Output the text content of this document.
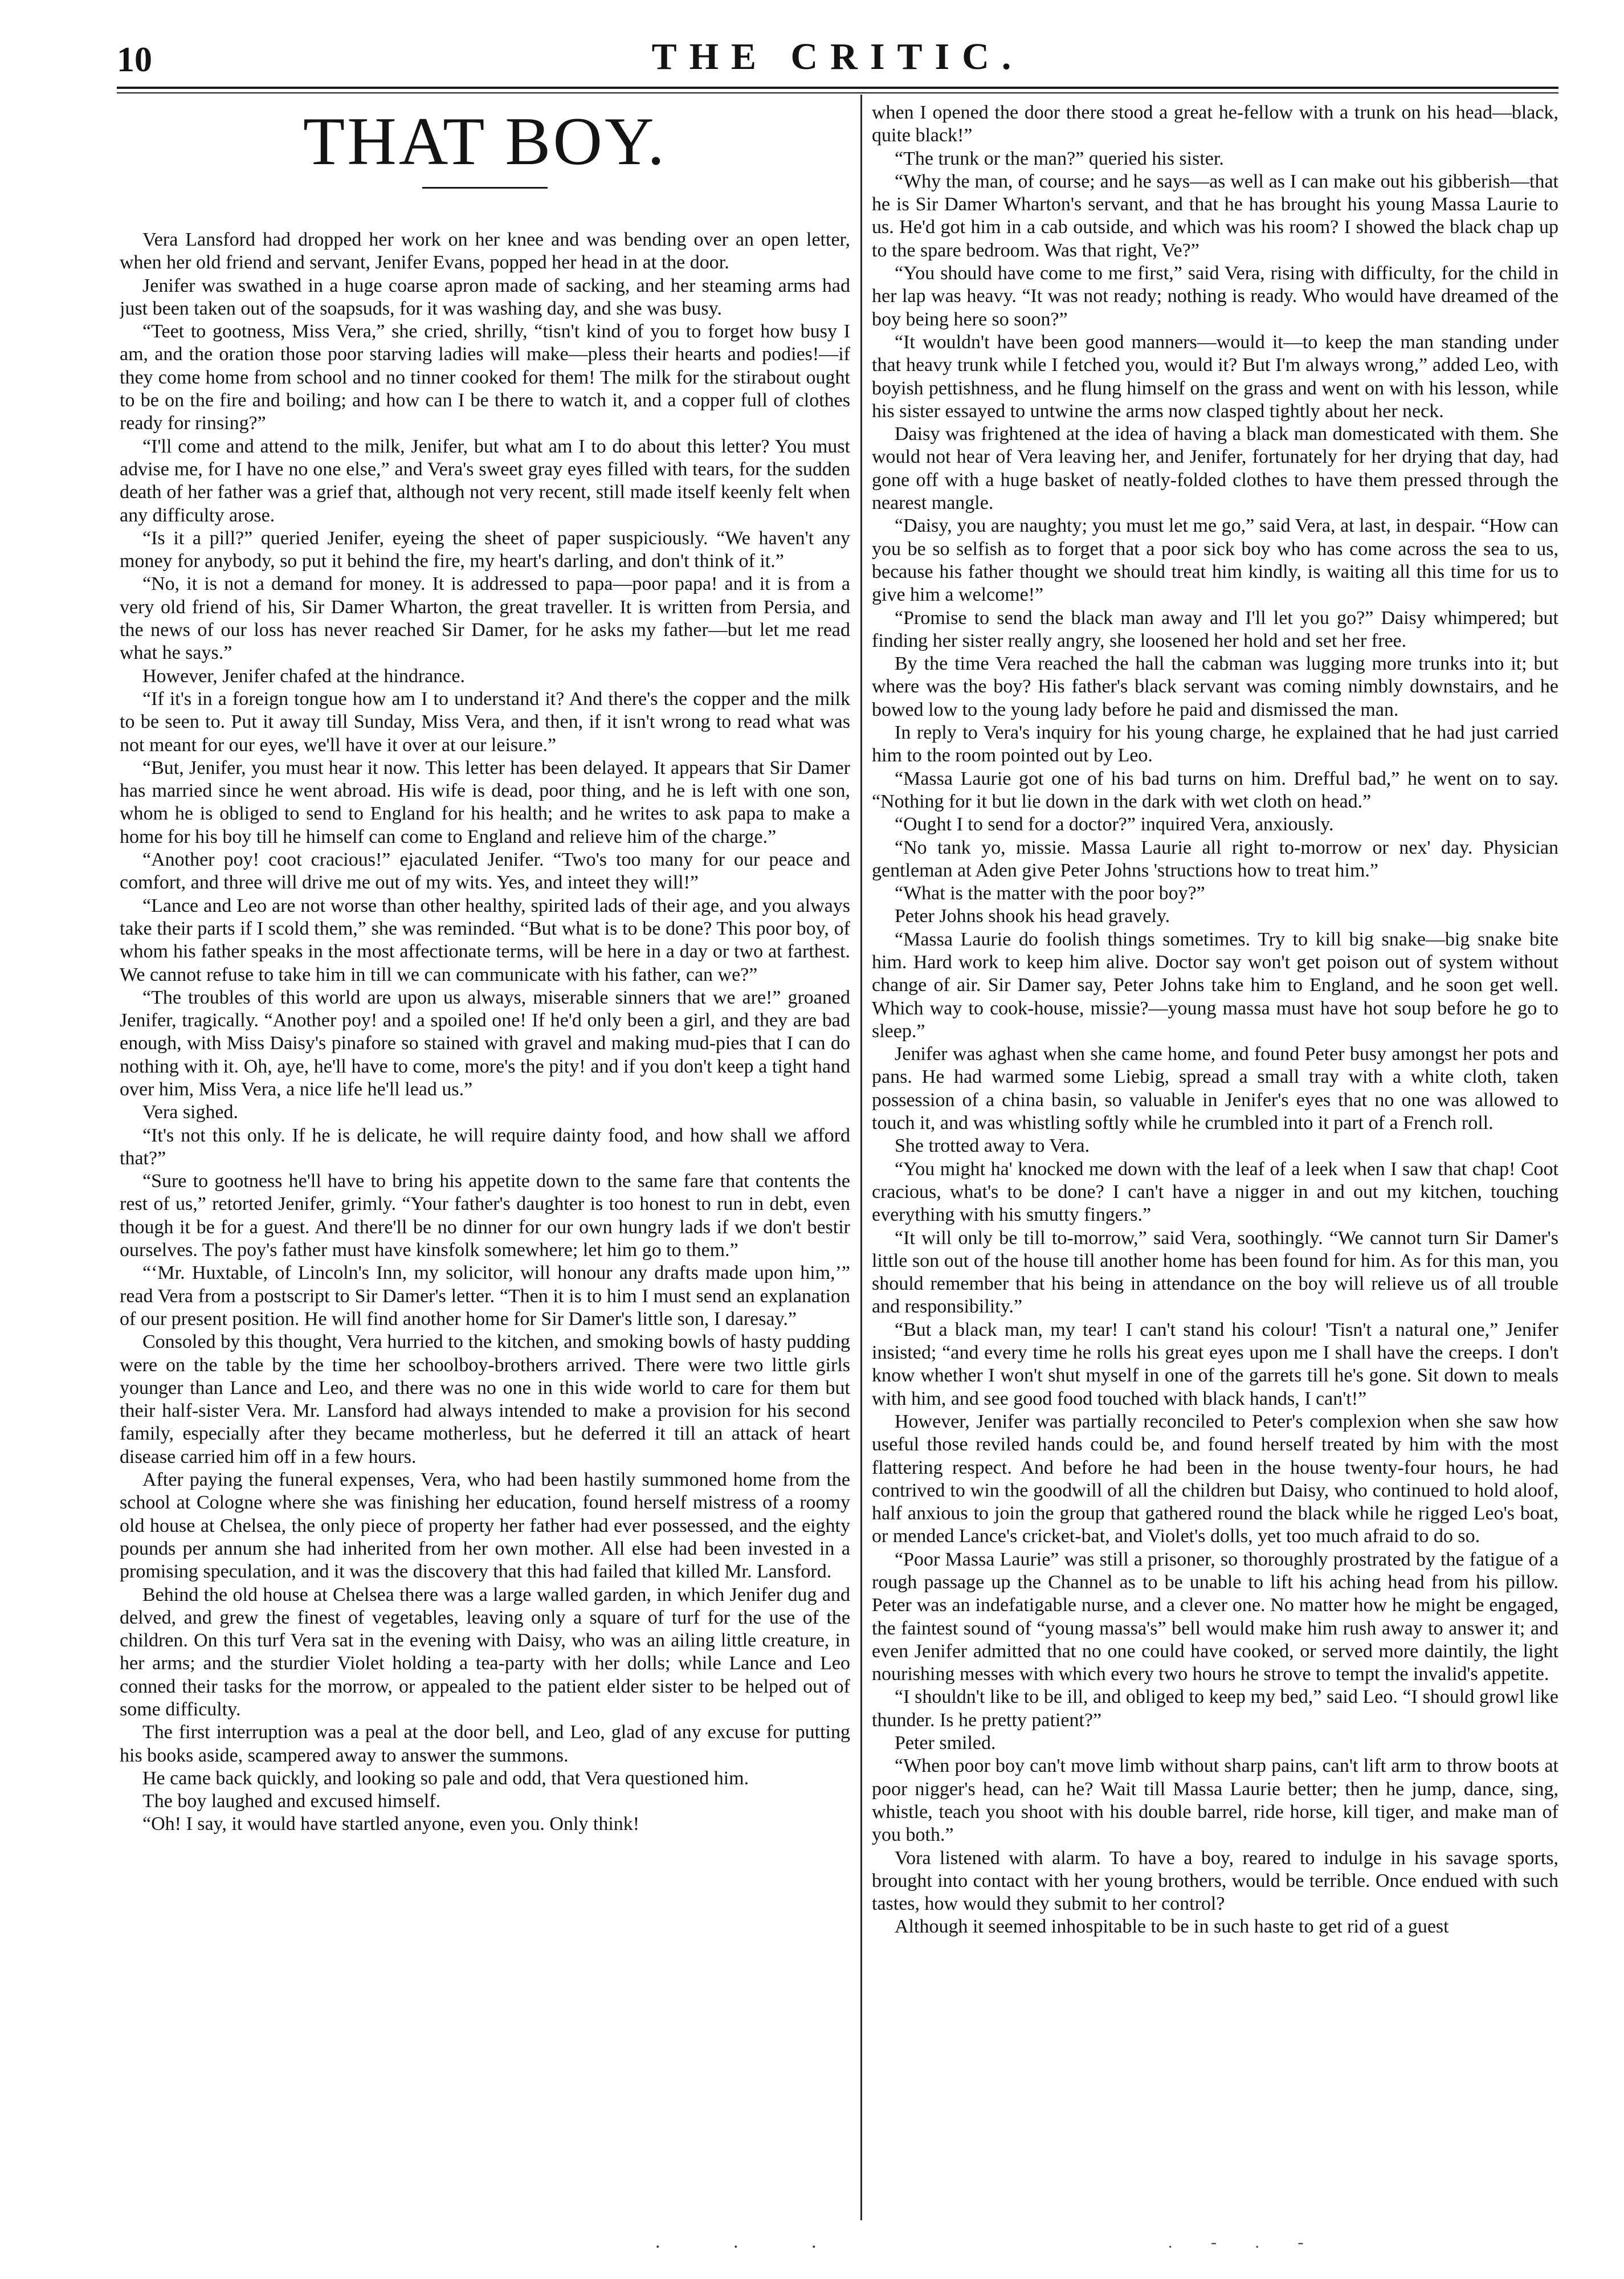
10	THE CRITIC.
THAT BOY.

Vera Lansford had dropped her work on her knee and was bending over an open letter, when her old friend and servant, Jenifer Evans, popped her head in at the door.

Jenifer was swathed in a huge coarse apron made of sacking, and her steaming arms had just been taken out of the soapsuds, for it was washing day, and she was busy.

“Teet to gootness, Miss Vera,” she cried, shrilly, “tisn't kind of you to forget how busy I am, and the oration those poor starving ladies will make—pless their hearts and podies!—if they come home from school and no tinner cooked for them! The milk for the stirabout ought to be on the fire and boiling; and how can I be there to watch it, and a copper full of clothes ready for rinsing?”

“I'll come and attend to the milk, Jenifer, but what am I to do about this letter? You must advise me, for I have no one else,” and Vera's sweet gray eyes filled with tears, for the sudden death of her father was a grief that, although not very recent, still made itself keenly felt when any difficulty arose.

“Is it a pill?” queried Jenifer, eyeing the sheet of paper suspiciously. “We haven't any money for anybody, so put it behind the fire, my heart's darling, and don't think of it.”

“No, it is not a demand for money. It is addressed to papa—poor papa! and it is from a very old friend of his, Sir Damer Wharton, the great traveller. It is written from Persia, and the news of our loss has never reached Sir Damer, for he asks my father—but let me read what he says.”

However, Jenifer chafed at the hindrance.

“If it's in a foreign tongue how am I to understand it? And there's the copper and the milk to be seen to. Put it away till Sunday, Miss Vera, and then, if it isn't wrong to read what was not meant for our eyes, we'll have it over at our leisure.”

“But, Jenifer, you must hear it now. This letter has been delayed. It appears that Sir Damer has married since he went abroad. His wife is dead, poor thing, and he is left with one son, whom he is obliged to send to England for his health; and he writes to ask papa to make a home for his boy till he himself can come to England and relieve him of the charge.”

“Another poy! coot cracious!” ejaculated Jenifer. “Two's too many for our peace and comfort, and three will drive me out of my wits. Yes, and inteet they will!”

“Lance and Leo are not worse than other healthy, spirited lads of their age, and you always take their parts if I scold them,” she was reminded. “But what is to be done? This poor boy, of whom his father speaks in the most affectionate terms, will be here in a day or two at farthest. We cannot refuse to take him in till we can communicate with his father, can we?”

“The troubles of this world are upon us always, miserable sinners that we are!” groaned Jenifer, tragically. “Another poy! and a spoiled one! If he'd only been a girl, and they are bad enough, with Miss Daisy's pinafore so stained with gravel and making mud-pies that I can do nothing with it. Oh, aye, he'll have to come, more's the pity! and if you don't keep a tight hand over him, Miss Vera, a nice life he'll lead us.”

Vera sighed.

“It's not this only. If he is delicate, he will require dainty food, and how shall we afford that?”

“Sure to gootness he'll have to bring his appetite down to the same fare that contents the rest of us,” retorted Jenifer, grimly. “Your father's daughter is too honest to run in debt, even though it be for a guest. And there'll be no dinner for our own hungry lads if we don't bestir ourselves. The poy's father must have kinsfolk somewhere; let him go to them.”

“‘Mr. Huxtable, of Lincoln's Inn, my solicitor, will honour any drafts made upon him,’” read Vera from a postscript to Sir Damer's letter. “Then it is to him I must send an explanation of our present position. He will find another home for Sir Damer's little son, I daresay.”

Consoled by this thought, Vera hurried to the kitchen, and smoking bowls of hasty pudding were on the table by the time her schoolboy-brothers arrived. There were two little girls younger than Lance and Leo, and there was no one in this wide world to care for them but their half-sister Vera. Mr. Lansford had always intended to make a provision for his second family, especially after they became motherless, but he deferred it till an attack of heart disease carried him off in a few hours.

After paying the funeral expenses, Vera, who had been hastily summoned home from the school at Cologne where she was finishing her education, found herself mistress of a roomy old house at Chelsea, the only piece of property her father had ever possessed, and the eighty pounds per annum she had inherited from her own mother. All else had been invested in a promising speculation, and it was the discovery that this had failed that killed Mr. Lansford.

Behind the old house at Chelsea there was a large walled garden, in which Jenifer dug and delved, and grew the finest of vegetables, leaving only a square of turf for the use of the children. On this turf Vera sat in the evening with Daisy, who was an ailing little creature, in her arms; and the sturdier Violet holding a tea-party with her dolls; while Lance and Leo conned their tasks for the morrow, or appealed to the patient elder sister to be helped out of some difficulty.

The first interruption was a peal at the door bell, and Leo, glad of any excuse for putting his books aside, scampered away to answer the summons.

He came back quickly, and looking so pale and odd, that Vera questioned him.

The boy laughed and excused himself.

“Oh! I say, it would have startled anyone, even you. Only think!

when I opened the door there stood a great he-fellow with a trunk on his head—black, quite black!”

“The trunk or the man?” queried his sister.

“Why the man, of course; and he says—as well as I can make out his gibberish—that he is Sir Damer Wharton's servant, and that he has brought his young Massa Laurie to us. He'd got him in a cab outside, and which was his room? I showed the black chap up to the spare bedroom. Was that right, Ve?”

“You should have come to me first,” said Vera, rising with difficulty, for the child in her lap was heavy. “It was not ready; nothing is ready. Who would have dreamed of the boy being here so soon?”

“It wouldn't have been good manners—would it—to keep the man standing under that heavy trunk while I fetched you, would it? But I'm always wrong,” added Leo, with boyish pettishness, and he flung himself on the grass and went on with his lesson, while his sister essayed to untwine the arms now clasped tightly about her neck.

Daisy was frightened at the idea of having a black man domesticated with them. She would not hear of Vera leaving her, and Jenifer, fortunately for her drying that day, had gone off with a huge basket of neatly-folded clothes to have them pressed through the nearest mangle.

“Daisy, you are naughty; you must let me go,” said Vera, at last, in despair. “How can you be so selfish as to forget that a poor sick boy who has come across the sea to us, because his father thought we should treat him kindly, is waiting all this time for us to give him a welcome!”

“Promise to send the black man away and I'll let you go?” Daisy whimpered; but finding her sister really angry, she loosened her hold and set her free.

By the time Vera reached the hall the cabman was lugging more trunks into it; but where was the boy? His father's black servant was coming nimbly downstairs, and he bowed low to the young lady before he paid and dismissed the man.

In reply to Vera's inquiry for his young charge, he explained that he had just carried him to the room pointed out by Leo.

“Massa Laurie got one of his bad turns on him. Drefful bad,” he went on to say. “Nothing for it but lie down in the dark with wet cloth on head.”

“Ought I to send for a doctor?” inquired Vera, anxiously.

“No tank yo, missie. Massa Laurie all right to-morrow or nex' day. Physician gentleman at Aden give Peter Johns 'structions how to treat him.”

“What is the matter with the poor boy?”

Peter Johns shook his head gravely.

“Massa Laurie do foolish things sometimes. Try to kill big snake—big snake bite him. Hard work to keep him alive. Doctor say won't get poison out of system without change of air. Sir Damer say, Peter Johns take him to England, and he soon get well. Which way to cook-house, missie?—young massa must have hot soup before he go to sleep.”

Jenifer was aghast when she came home, and found Peter busy amongst her pots and pans. He had warmed some Liebig, spread a small tray with a white cloth, taken possession of a china basin, so valuable in Jenifer's eyes that no one was allowed to touch it, and was whistling softly while he crumbled into it part of a French roll.

She trotted away to Vera.

“You might ha' knocked me down with the leaf of a leek when I saw that chap! Coot cracious, what's to be done? I can't have a nigger in and out my kitchen, touching everything with his smutty fingers.”

“It will only be till to-morrow,” said Vera, soothingly. “We cannot turn Sir Damer's little son out of the house till another home has been found for him. As for this man, you should remember that his being in attendance on the boy will relieve us of all trouble and responsibility.”

“But a black man, my tear! I can't stand his colour! 'Tisn't a natural one,” Jenifer insisted; “and every time he rolls his great eyes upon me I shall have the creeps. I don't know whether I won't shut myself in one of the garrets till he's gone. Sit down to meals with him, and see good food touched with black hands, I can't!”

However, Jenifer was partially reconciled to Peter's complexion when she saw how useful those reviled hands could be, and found herself treated by him with the most flattering respect. And before he had been in the house twenty-four hours, he had contrived to win the goodwill of all the children but Daisy, who continued to hold aloof, half anxious to join the group that gathered round the black while he rigged Leo's boat, or mended Lance's cricket-bat, and Violet's dolls, yet too much afraid to do so.

“Poor Massa Laurie” was still a prisoner, so thoroughly prostrated by the fatigue of a rough passage up the Channel as to be unable to lift his aching head from his pillow. Peter was an indefatigable nurse, and a clever one. No matter how he might be engaged, the faintest sound of “young massa's” bell would make him rush away to answer it; and even Jenifer admitted that no one could have cooked, or served more daintily, the light nourishing messes with which every two hours he strove to tempt the invalid's appetite.

“I shouldn't like to be ill, and obliged to keep my bed,” said Leo. “I should growl like thunder. Is he pretty patient?”

Peter smiled.

“When poor boy can't move limb without sharp pains, can't lift arm to throw boots at poor nigger's head, can he? Wait till Massa Laurie better; then he jump, dance, sing, whistle, teach you shoot with his double barrel, ride horse, kill tiger, and make man of you both.”

Vora listened with alarm. To have a boy, reared to indulge in his savage sports, brought into contact with her young brothers, would be terrible. Once endued with such tastes, how would they submit to her control?

Although it seemed inhospitable to be in such haste to get rid of a guest

. . .	. - . -
